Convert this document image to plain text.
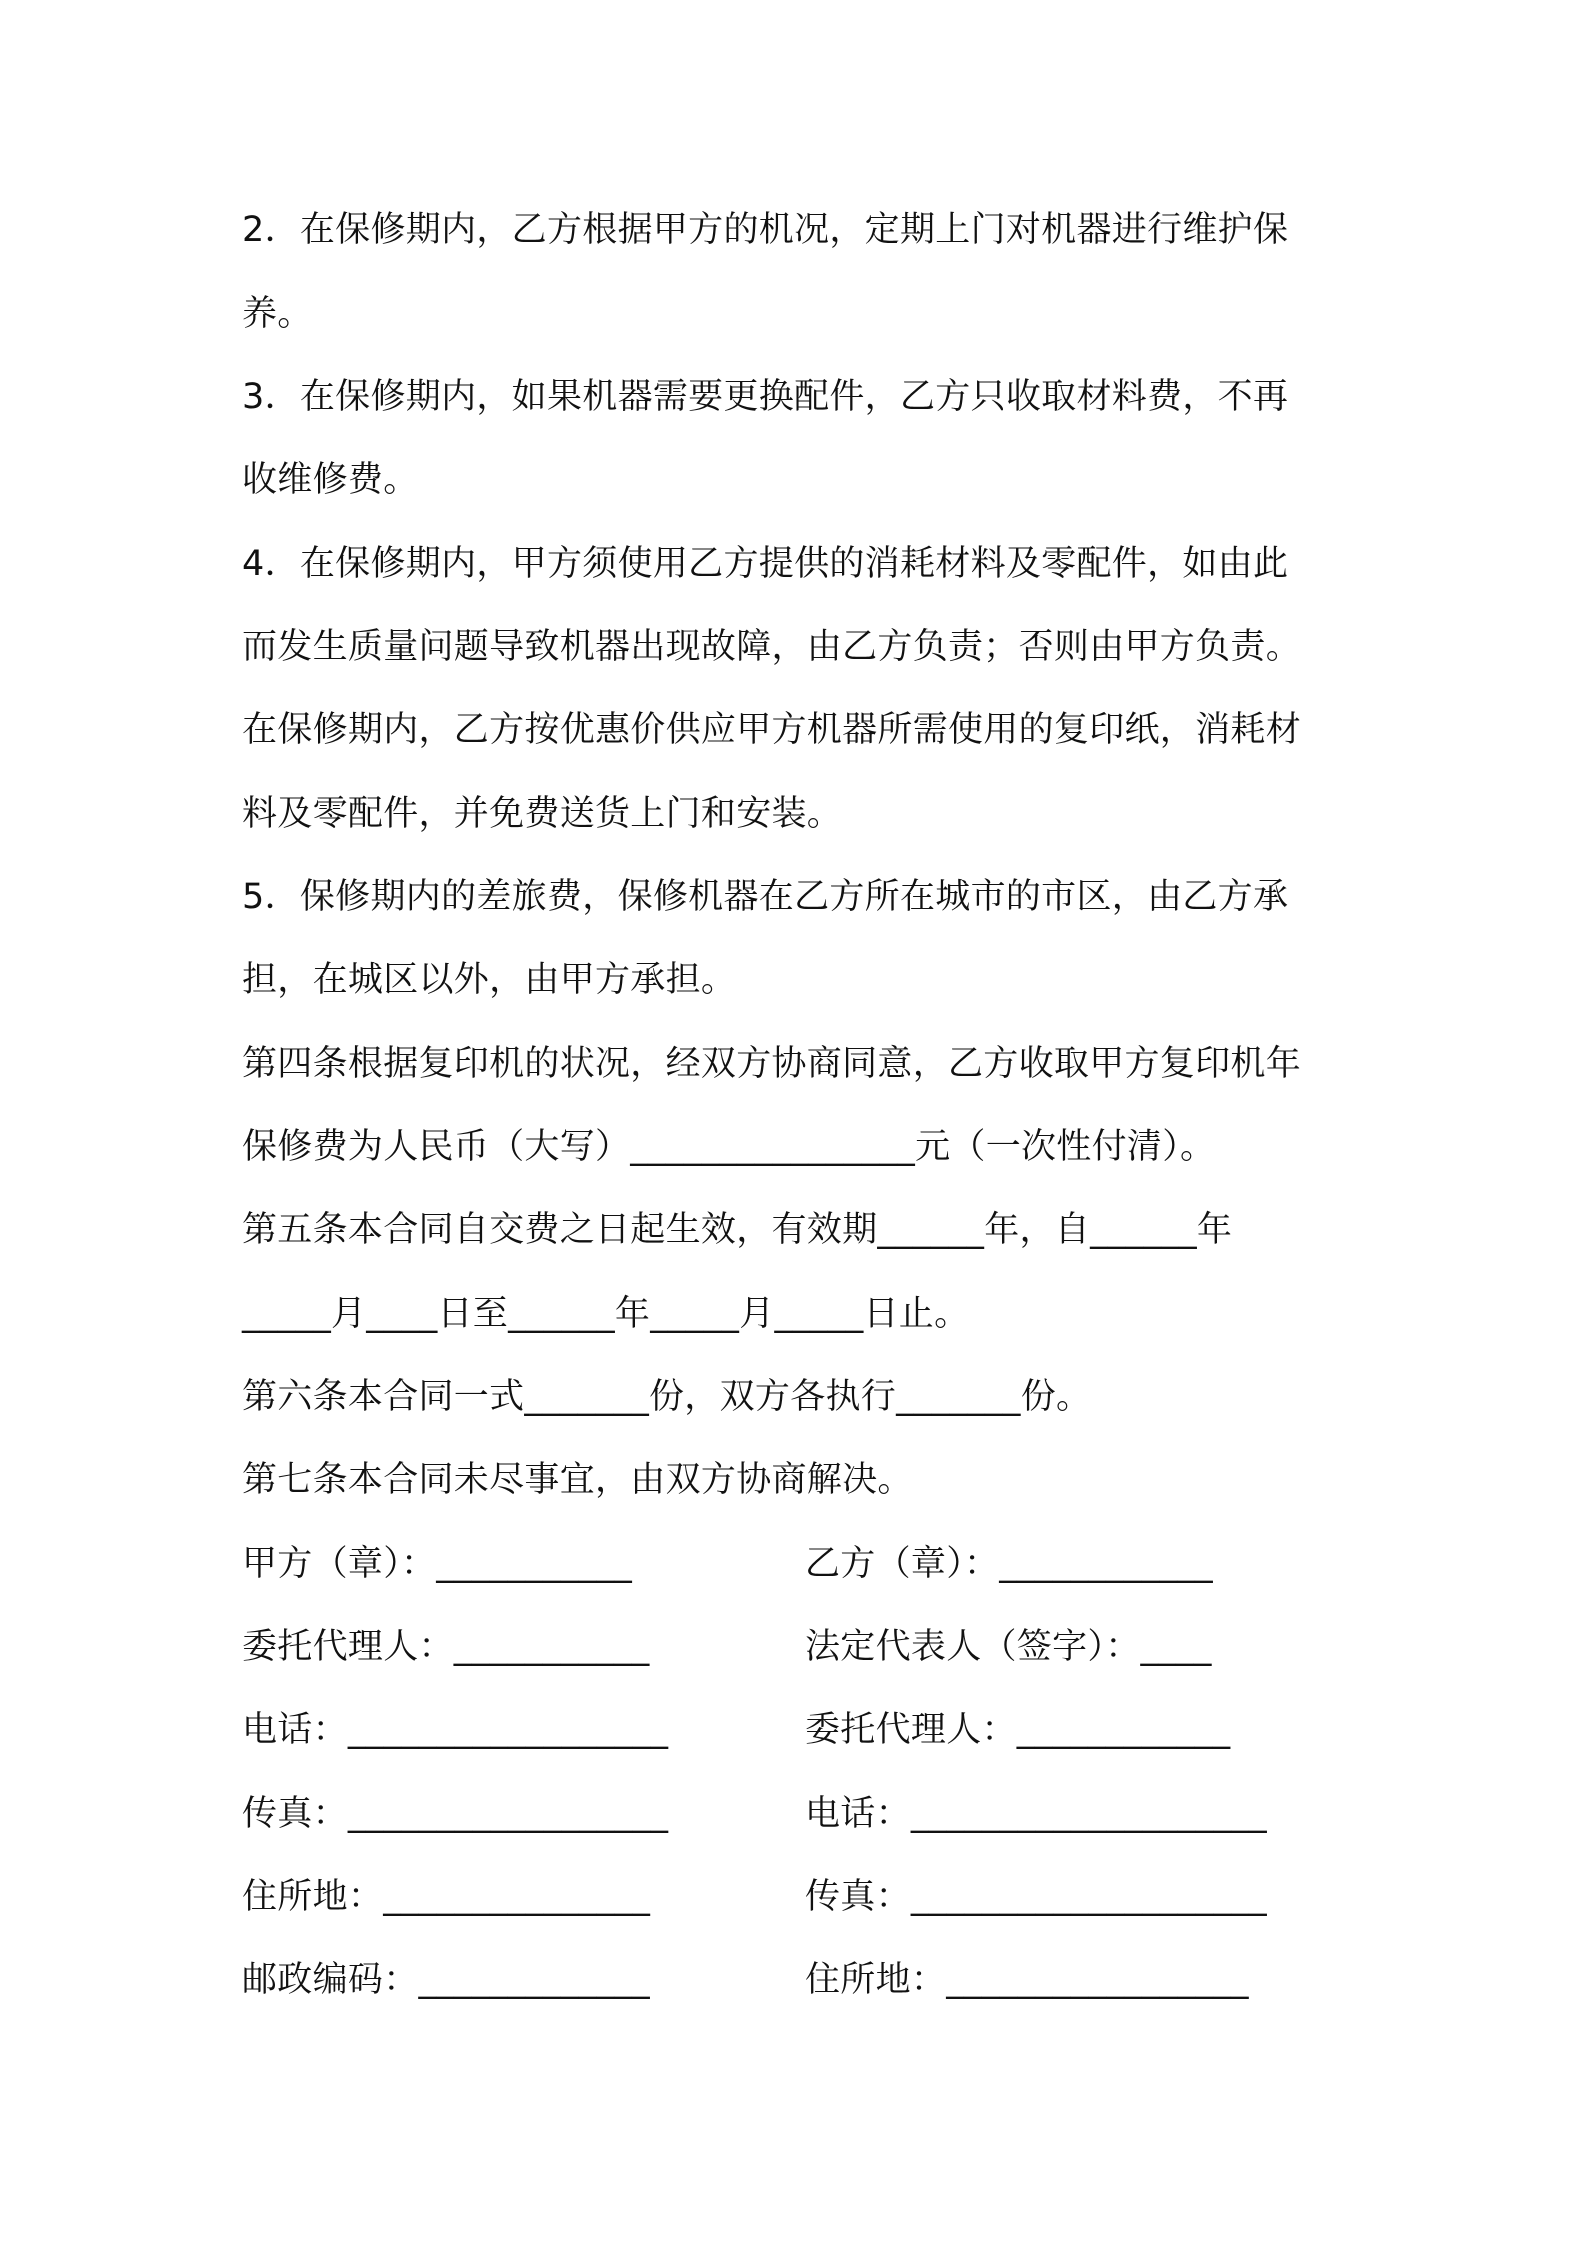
2．在保修期内，乙方根据甲方的机况，定期上门对机器进行维护保
养。
3．在保修期内，如果机器需要更换配件，乙方只收取材料费，不再
收维修费。
4．在保修期内，甲方须使用乙方提供的消耗材料及零配件，如由此
而发生质量问题导致机器出现故障，由乙方负责；否则由甲方负责。
在保修期内，乙方按优惠价供应甲方机器所需使用的复印纸，消耗材
料及零配件，并免费送货上门和安装。
5．保修期内的差旅费，保修机器在乙方所在城市的市区，由乙方承
担，在城区以外，由甲方承担。
第四条根据复印机的状况，经双方协商同意，乙方收取甲方复印机年
保修费为人民币（大写）________________元（一次性付清）。
第五条本合同自交费之日起生效，有效期______年，自______年
_____月____日至______年_____月_____日止。
第六条本合同一式_______份，双方各执行_______份。
第七条本合同未尽事宜，由双方协商解决。
甲方（章）：___________
委托代理人：___________
电话：__________________
传真：__________________
住所地：_______________
邮政编码：_____________
乙方（章）：____________
法定代表人（签字）：____
委托代理人：____________
电话：____________________
传真：____________________
住所地：_________________
